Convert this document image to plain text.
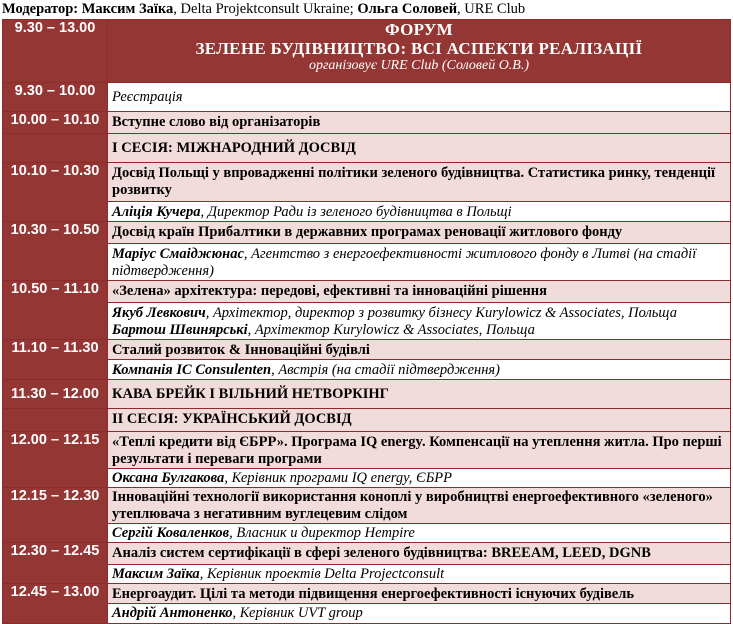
Модератор: Максим Заїка, Delta Projektconsult Ukraine; Ольга Соловей, URE Club
9.30 – 13.00	ФОРУМ
ЗЕЛЕНЕ БУДІВНИЦТВО: ВСІ АСПЕКТИ РЕАЛІЗАЦІЇ
організовує URE Club (Соловей О.В.)

9.30 – 10.00	Реєстрація
10.00 – 10.10	Вступне слово від організаторів
	І СЕСІЯ: МІЖНАРОДНИЙ ДОСВІД
10.10 – 10.30	Досвід Польщі у впровадженні політики зеленого будівництва. Статистика ринку, тенденції розвитку
	Аліція Кучера, Директор Ради із зеленого будівництва в Польщі
10.30 – 10.50	Досвід країн Прибалтики в державних програмах реновації житлового фонду
	Маріус Смаіджюнас, Агентство з енергоефективності житлового фонду в Литві (на стадії підтвердження)
10.50 – 11.10	«Зелена» архітектура: передові, ефективні та інноваційні рішення

	Якуб Левкович, Архітектор, директор з розвитку бізнесу Kurylowicz & Associates, Польща
Бартош Швинярські, Архітектор Kurylowicz & Associates, Польща

11.10 – 11.30	Сталий розвиток & Інноваційні будівлі
	Компанія IC Consulenten, Австрія (на стадії підтвердження)
11.30 – 12.00	КАВА БРЕЙК І ВІЛЬНИЙ НЕТВОРКІНГ
	ІІ СЕСІЯ: УКРАЇНСЬКИЙ ДОСВІД
12.00 – 12.15	«Теплі кредити від ЄБРР». Програма IQ energy. Компенсації на утеплення житла. Про перші результати і переваги програми
	Оксана Булгакова, Керівник програми IQ energy, ЄБРР
12.15 – 12.30	Інноваційні технології використання коноплі у виробництві енергоефективного «зеленого» утеплювача з негативним вуглецевим слідом
	Сергій Коваленков, Власник и директор Hempire
12.30 – 12.45	Аналіз систем сертифікації в сфері зеленого будівництва: BREEAM, LEED, DGNB
	Максим Заїка, Керівник проектів Delta Projectconsult
12.45 – 13.00	Енергоаудит. Цілі та методи підвищення енергоефективності існуючих будівель
	Андрій Антоненко, Керівник UVT group
